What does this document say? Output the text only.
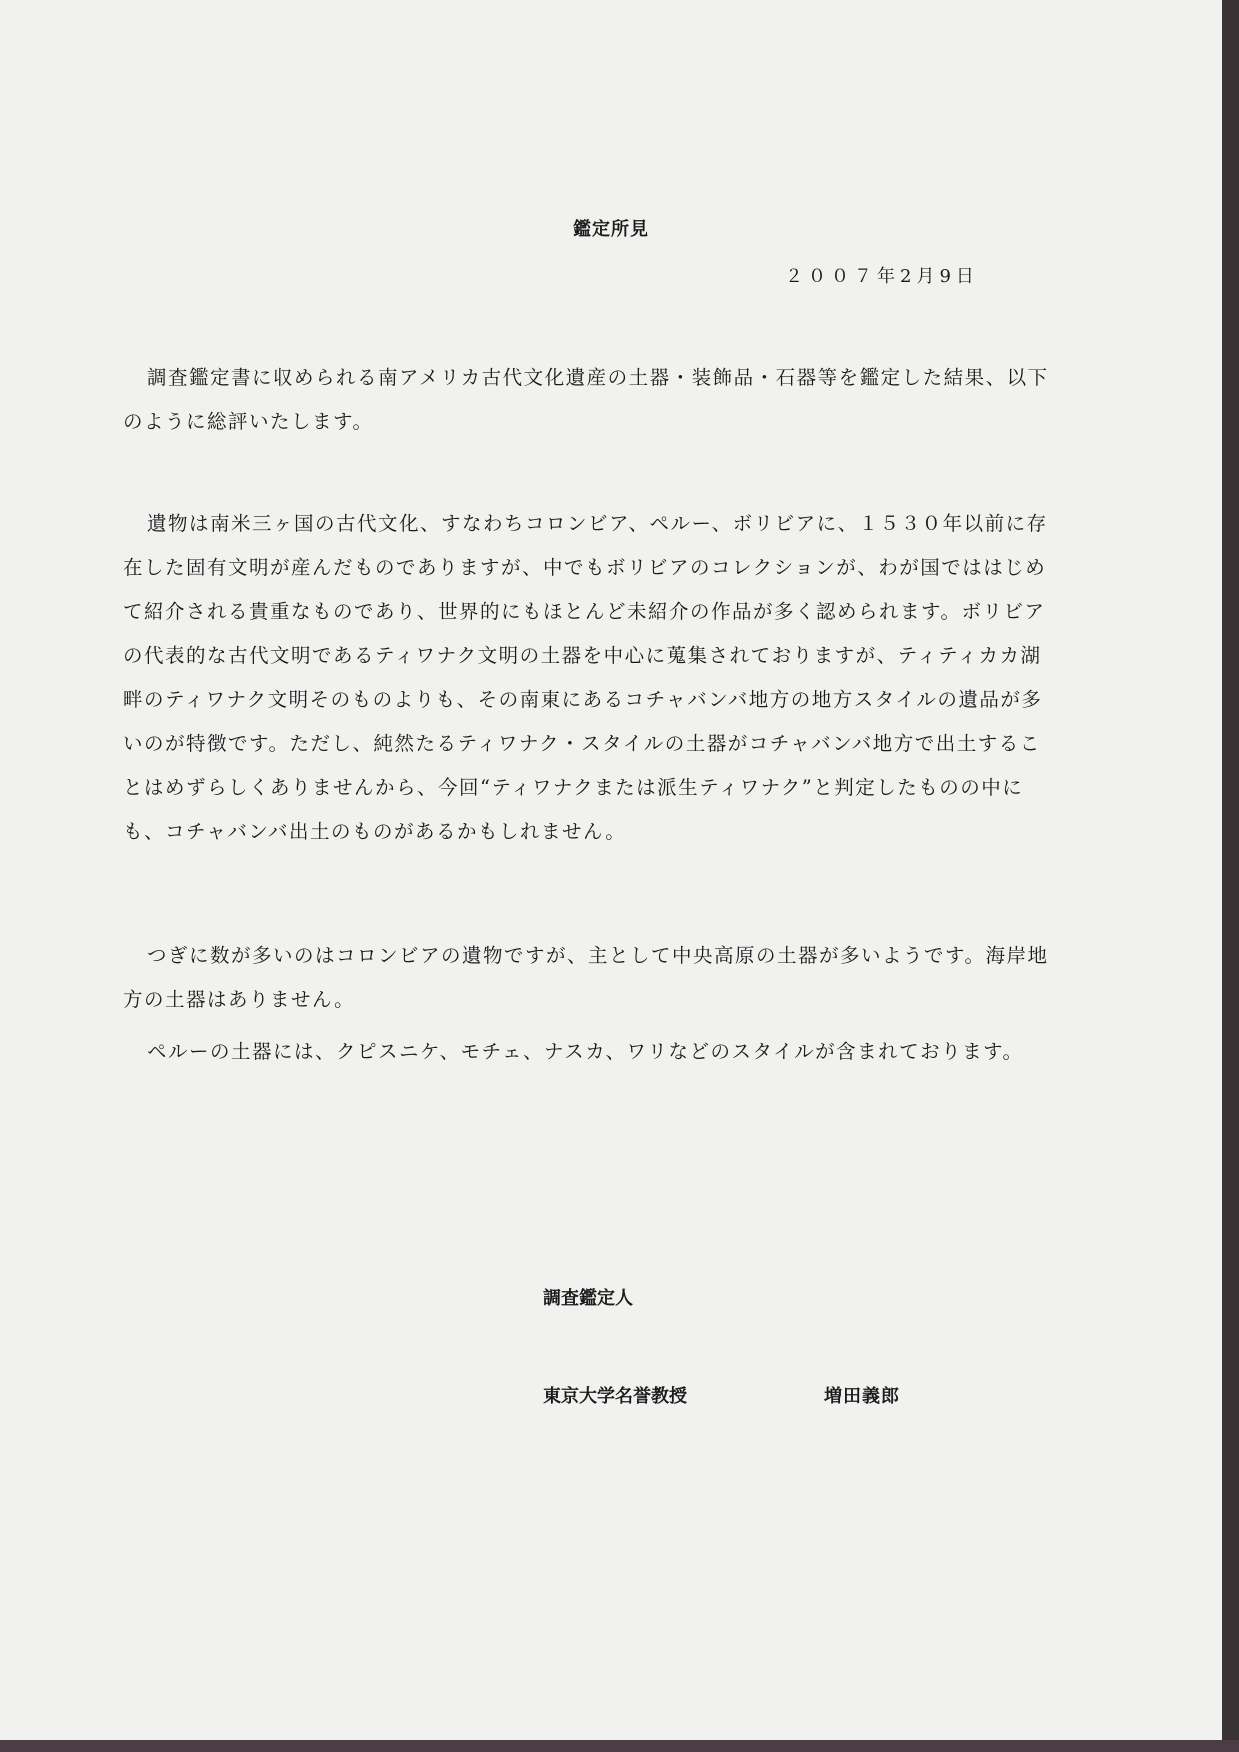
鑑定所見
２００７年2月9日

調査鑑定書に収められる南アメリカ古代文化遺産の土器・装飾品・石器等を鑑定した結果、以下のように総評いたします。

遺物は南米三ヶ国の古代文化、すなわちコロンビア、ペルー、ボリビアに、１５３０年以前に存在した固有文明が産んだものでありますが、中でもボリビアのコレクションが、わが国でははじめて紹介される貴重なものであり、世界的にもほとんど未紹介の作品が多く認められます。ボリビアの代表的な古代文明であるティワナク文明の土器を中心に蒐集されておりますが、ティティカカ湖畔のティワナク文明そのものよりも、その南東にあるコチャバンバ地方の地方スタイルの遺品が多いのが特徴です。ただし、純然たるティワナク・スタイルの土器がコチャバンバ地方で出土することはめずらしくありませんから、今回“ティワナクまたは派生ティワナク”と判定したものの中にも、コチャバンバ出土のものがあるかもしれません。

つぎに数が多いのはコロンビアの遺物ですが、主として中央高原の土器が多いようです。海岸地方の土器はありません。

ペルーの土器には、クピスニケ、モチェ、ナスカ、ワリなどのスタイルが含まれております。

調査鑑定人
東京大学名誉教授	増田義郎
